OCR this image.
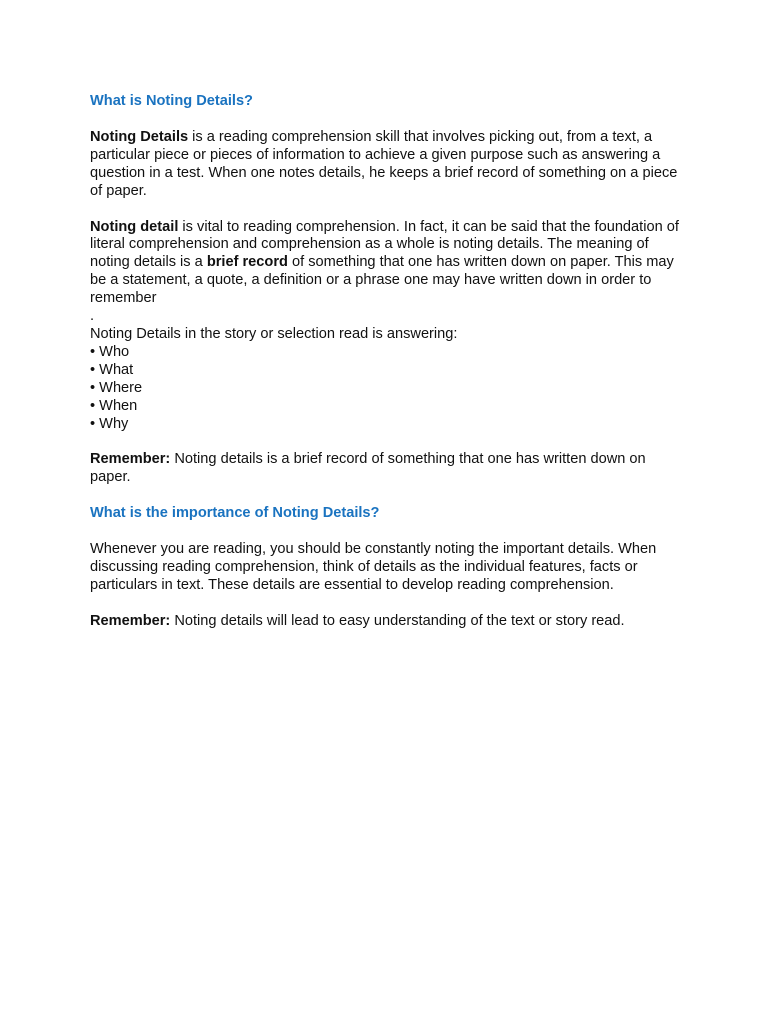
What is Noting Details?

Noting Details is a reading comprehension skill that involves picking out, from a text, a particular piece or pieces of information to achieve a given purpose such as answering a question in a test. When one notes details, he keeps a brief record of something on a piece of paper.

Noting detail is vital to reading comprehension. In fact, it can be said that the foundation of literal comprehension and comprehension as a whole is noting details. The meaning of noting details is a brief record of something that one has written down on paper. This may be a statement, a quote, a definition or a phrase one may have written down in order to remember

.
Noting Details in the story or selection read is answering:
• Who
• What
• Where
• When
• Why

Remember: Noting details is a brief record of something that one has written down on paper.

What is the importance of Noting Details?

Whenever you are reading, you should be constantly noting the important details. When discussing reading comprehension, think of details as the individual features, facts or particulars in text. These details are essential to develop reading comprehension.

Remember: Noting details will lead to easy understanding of the text or story read.
